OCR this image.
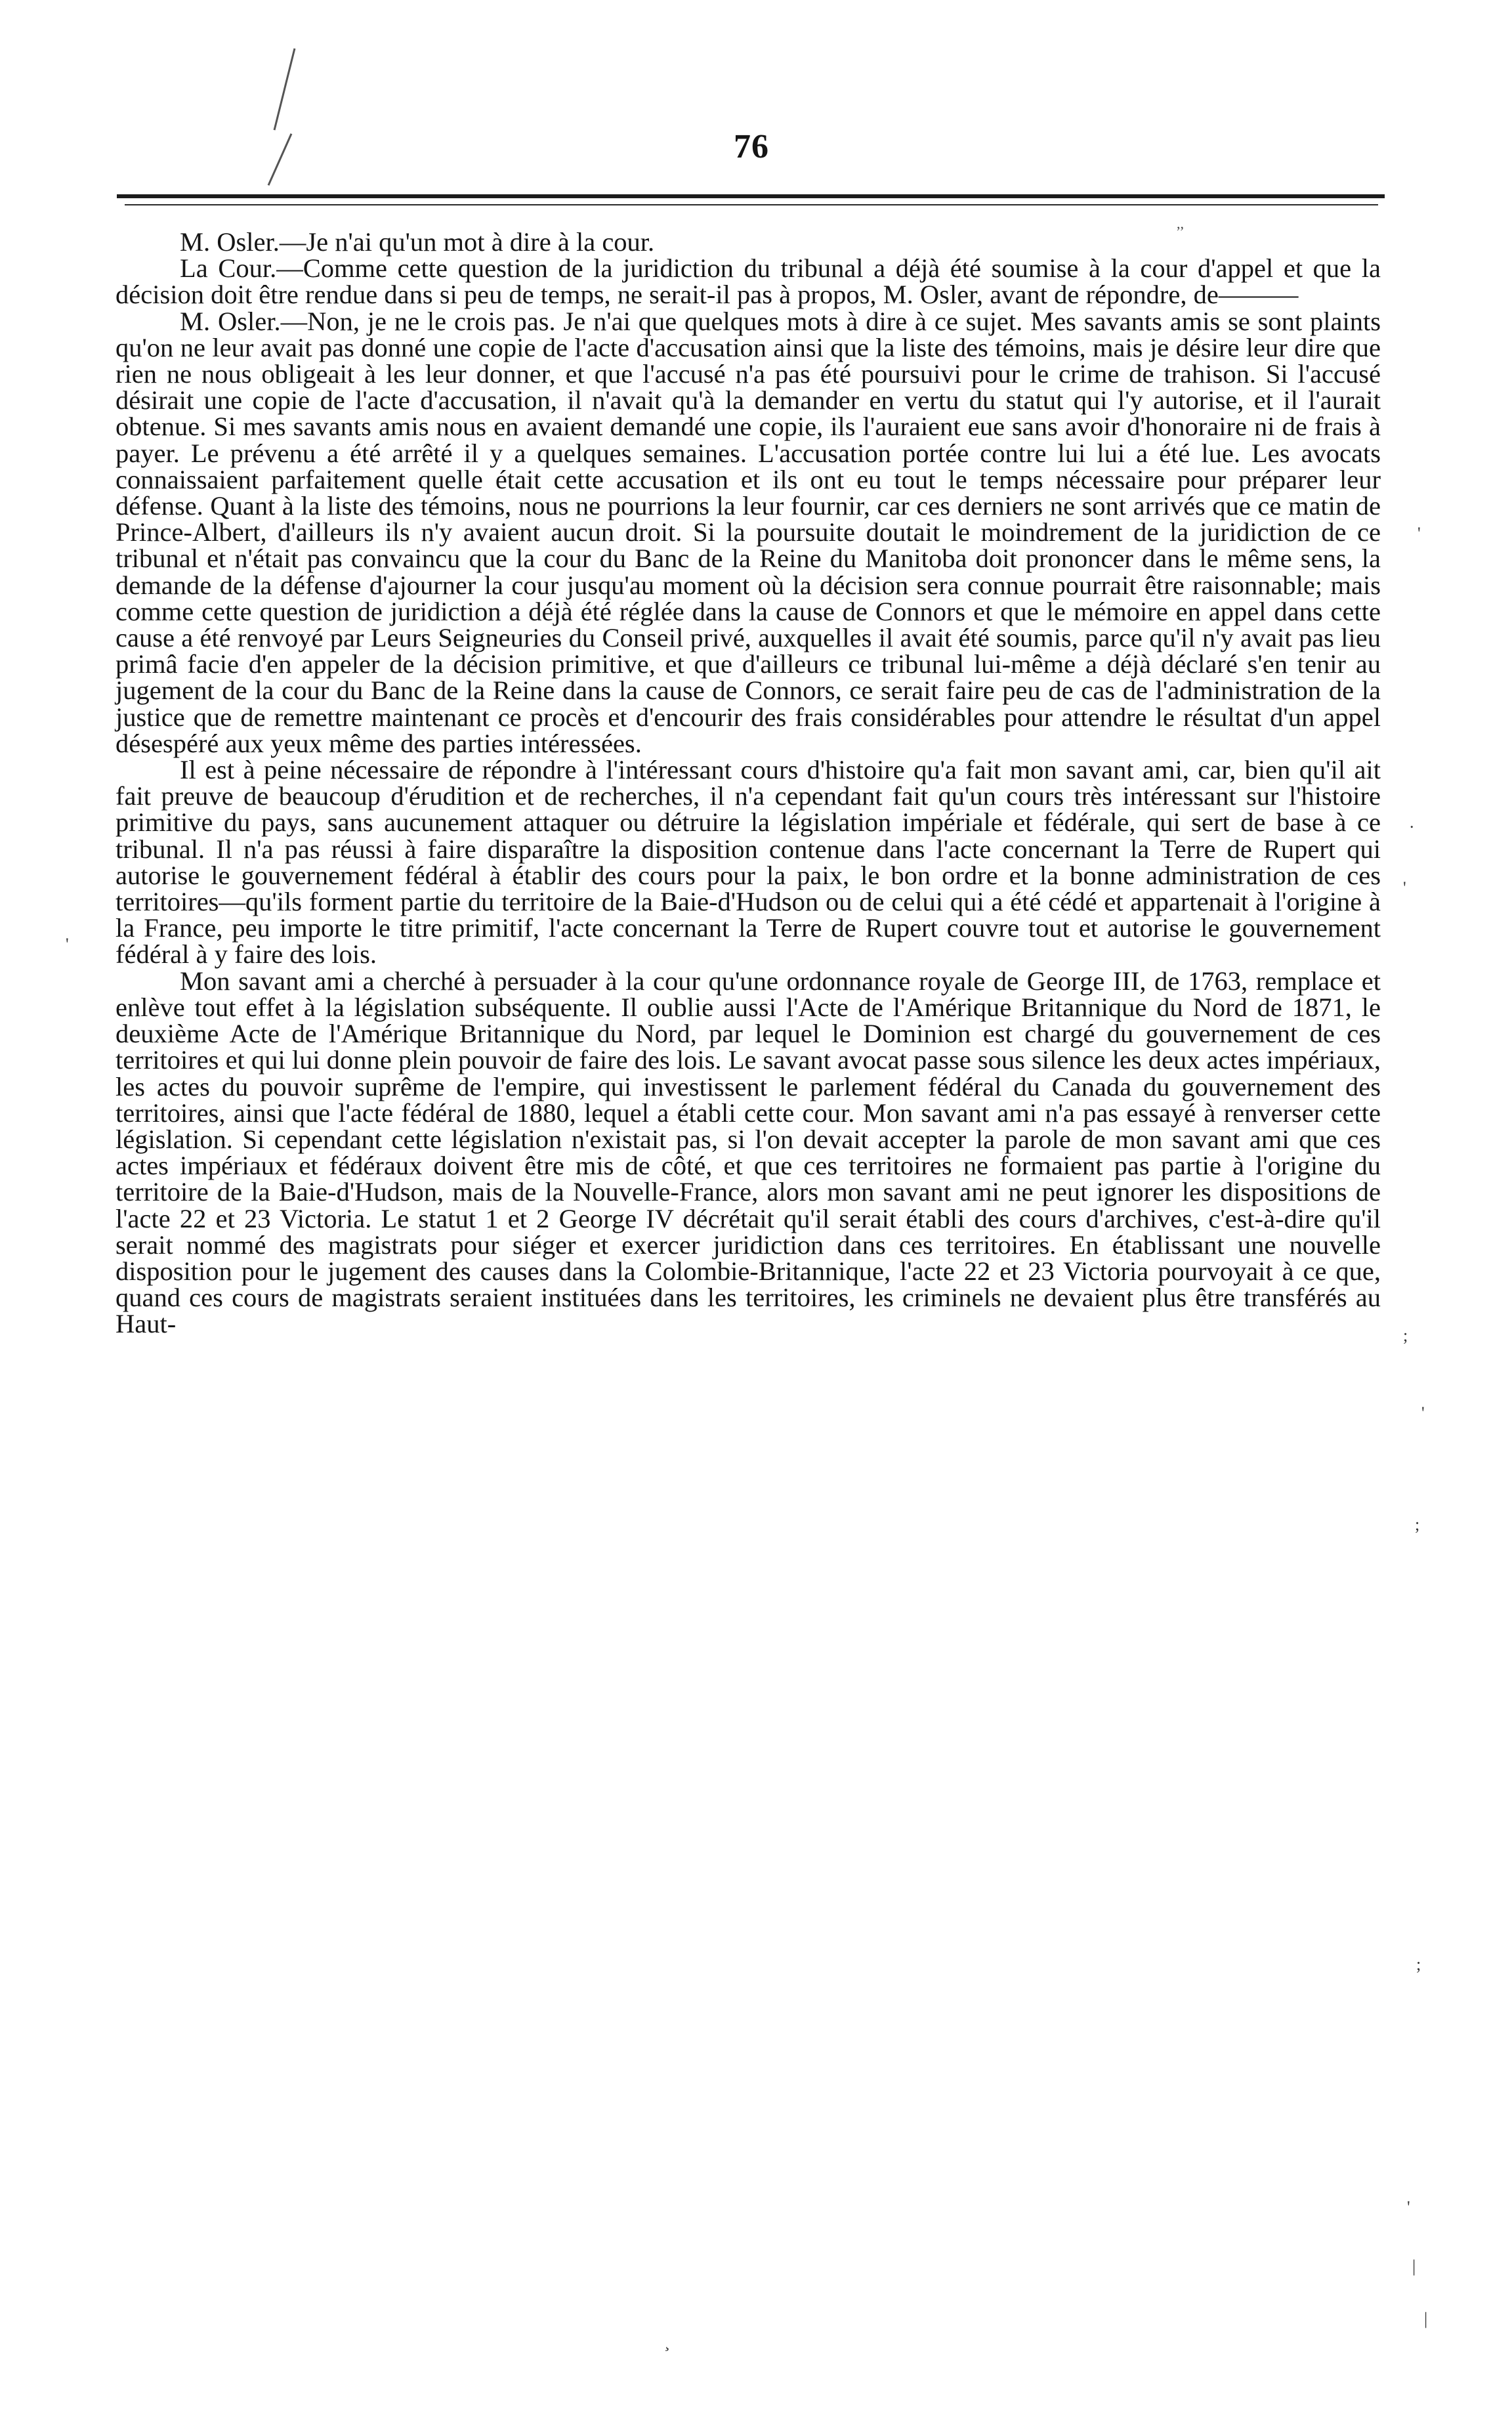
76
,,

M. Osler.—Je n'ai qu'un mot à dire à la cour.

La Cour.—Comme cette question de la juridiction du tribunal a déjà été soumise à la cour d'appel et que la décision doit être rendue dans si peu de temps, ne serait-il pas à propos, M. Osler, avant de répondre, de———

M. Osler.—Non, je ne le crois pas. Je n'ai que quelques mots à dire à ce sujet. Mes savants amis se sont plaints qu'on ne leur avait pas donné une copie de l'acte d'accusation ainsi que la liste des témoins, mais je désire leur dire que rien ne nous obligeait à les leur donner, et que l'accusé n'a pas été poursuivi pour le crime de trahison. Si l'accusé désirait une copie de l'acte d'accusation, il n'avait qu'à la demander en vertu du statut qui l'y autorise, et il l'aurait obtenue. Si mes savants amis nous en avaient demandé une copie, ils l'auraient eue sans avoir d'honoraire ni de frais à payer. Le prévenu a été arrêté il y a quelques semaines. L'accusation portée contre lui lui a été lue. Les avocats connaissaient parfaitement quelle était cette accusation et ils ont eu tout le temps nécessaire pour préparer leur défense. Quant à la liste des témoins, nous ne pourrions la leur fournir, car ces derniers ne sont arrivés que ce matin de Prince-Albert, d'ailleurs ils n'y avaient aucun droit. Si la poursuite doutait le moindrement de la juridiction de ce tribunal et n'était pas convaincu que la cour du Banc de la Reine du Manitoba doit prononcer dans le même sens, la demande de la défense d'ajourner la cour jusqu'au moment où la décision sera connue pourrait être raisonnable; mais comme cette question de juridiction a déjà été réglée dans la cause de Connors et que le mémoire en appel dans cette cause a été renvoyé par Leurs Seigneuries du Conseil privé, auxquelles il avait été soumis, parce qu'il n'y avait pas lieu primâ facie d'en appeler de la décision primitive, et que d'ailleurs ce tribunal lui-même a déjà déclaré s'en tenir au jugement de la cour du Banc de la Reine dans la cause de Connors, ce serait faire peu de cas de l'administration de la justice que de remettre maintenant ce procès et d'encourir des frais considérables pour attendre le résultat d'un appel désespéré aux yeux même des parties intéressées.

Il est à peine nécessaire de répondre à l'intéressant cours d'histoire qu'a fait mon savant ami, car, bien qu'il ait fait preuve de beaucoup d'érudition et de recherches, il n'a cependant fait qu'un cours très intéressant sur l'histoire primitive du pays, sans aucunement attaquer ou détruire la législation impériale et fédérale, qui sert de base à ce tribunal. Il n'a pas réussi à faire disparaître la disposition contenue dans l'acte concernant la Terre de Rupert qui autorise le gouvernement fédéral à établir des cours pour la paix, le bon ordre et la bonne administration de ces territoires—qu'ils forment partie du territoire de la Baie-d'Hudson ou de celui qui a été cédé et appartenait à l'origine à la France, peu importe le titre primitif, l'acte concernant la Terre de Rupert couvre tout et autorise le gouvernement fédéral à y faire des lois.

Mon savant ami a cherché à persuader à la cour qu'une ordonnance royale de George III, de 1763, remplace et enlève tout effet à la législation subséquente. Il oublie aussi l'Acte de l'Amérique Britannique du Nord de 1871, le deuxième Acte de l'Amérique Britannique du Nord, par lequel le Dominion est chargé du gouvernement de ces territoires et qui lui donne plein pouvoir de faire des lois. Le savant avocat passe sous silence les deux actes impériaux, les actes du pouvoir suprême de l'empire, qui investissent le parlement fédéral du Canada du gouvernement des territoires, ainsi que l'acte fédéral de 1880, lequel a établi cette cour. Mon savant ami n'a pas essayé à renverser cette législation. Si cependant cette législation n'existait pas, si l'on devait accepter la parole de mon savant ami que ces actes impériaux et fédéraux doivent être mis de côté, et que ces territoires ne formaient pas partie à l'origine du territoire de la Baie-d'Hudson, mais de la Nouvelle-France, alors mon savant ami ne peut ignorer les dispositions de l'acte 22 et 23 Victoria. Le statut 1 et 2 George IV décrétait qu'il serait établi des cours d'archives, c'est-à-dire qu'il serait nommé des magistrats pour siéger et exercer juridiction dans ces territoires. En établissant une nouvelle disposition pour le jugement des causes dans la Colombie-Britannique, l'acte 22 et 23 Victoria pourvoyait à ce que, quand ces cours de magistrats seraient instituées dans les territoires, les criminels ne devaient plus être transférés au Haut-

'
.
'
'
;
'
;
;
'
|
|
¸
